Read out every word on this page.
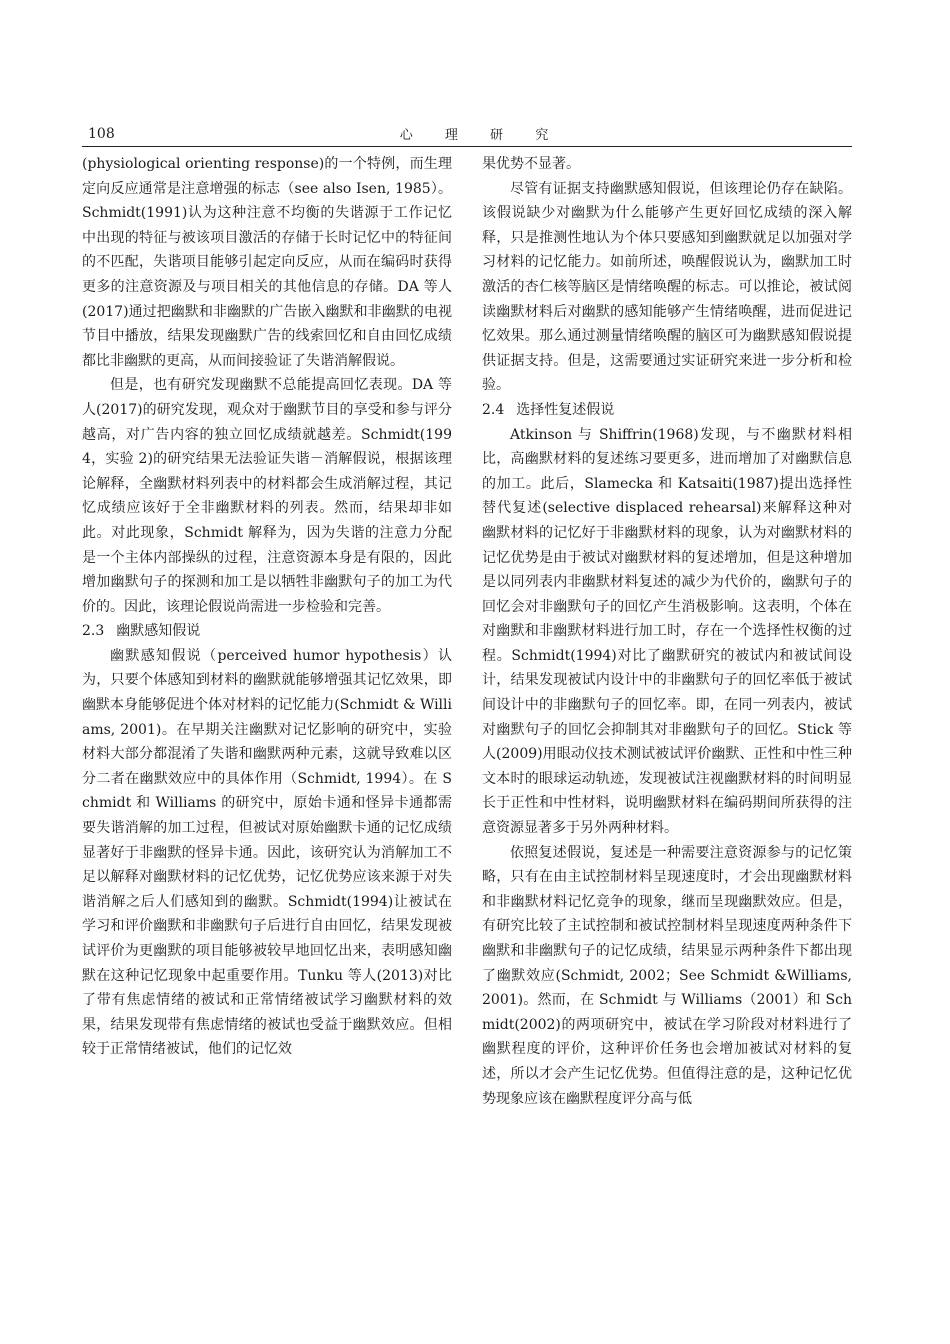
108	心 理 研 究

(physiological orienting response)的一个特例，而生理定向反应通常是注意增强的标志（see also Isen, 1985）。Schmidt(1991)认为这种注意不均衡的失谐源于工作记忆中出现的特征与被该项目激活的存储于长时记忆中的特征间的不匹配，失谐项目能够引起定向反应，从而在编码时获得更多的注意资源及与项目相关的其他信息的存储。DA 等人(2017)通过把幽默和非幽默的广告嵌入幽默和非幽默的电视节目中播放，结果发现幽默广告的线索回忆和自由回忆成绩都比非幽默的更高，从而间接验证了失谐消解假说。

但是，也有研究发现幽默不总能提高回忆表现。DA 等人(2017)的研究发现，观众对于幽默节目的享受和参与评分越高，对广告内容的独立回忆成绩就越差。Schmidt(1994，实验 2)的研究结果无法验证失谐－消解假说，根据该理论解释，全幽默材料列表中的材料都会生成消解过程，其记忆成绩应该好于全非幽默材料的列表。然而，结果却非如此。对此现象，Schmidt 解释为，因为失谐的注意力分配是一个主体内部操纵的过程，注意资源本身是有限的，因此增加幽默句子的探测和加工是以牺牲非幽默句子的加工为代价的。因此，该理论假说尚需进一步检验和完善。

2.3 幽默感知假说

幽默感知假说（perceived humor hypothesis）认为，只要个体感知到材料的幽默就能够增强其记忆效果，即幽默本身能够促进个体对材料的记忆能力(Schmidt & Williams, 2001)。在早期关注幽默对记忆影响的研究中，实验材料大部分都混淆了失谐和幽默两种元素，这就导致难以区分二者在幽默效应中的具体作用（Schmidt, 1994）。在 Schmidt 和 Williams 的研究中，原始卡通和怪异卡通都需要失谐消解的加工过程，但被试对原始幽默卡通的记忆成绩显著好于非幽默的怪异卡通。因此，该研究认为消解加工不足以解释对幽默材料的记忆优势，记忆优势应该来源于对失谐消解之后人们感知到的幽默。Schmidt(1994)让被试在学习和评价幽默和非幽默句子后进行自由回忆，结果发现被试评价为更幽默的项目能够被较早地回忆出来，表明感知幽默在这种记忆现象中起重要作用。Tunku 等人(2013)对比了带有焦虑情绪的被试和正常情绪被试学习幽默材料的效果，结果发现带有焦虑情绪的被试也受益于幽默效应。但相较于正常情绪被试，他们的记忆效

果优势不显著。

尽管有证据支持幽默感知假说，但该理论仍存在缺陷。该假说缺少对幽默为什么能够产生更好回忆成绩的深入解释，只是推测性地认为个体只要感知到幽默就足以加强对学习材料的记忆能力。如前所述，唤醒假说认为，幽默加工时激活的杏仁核等脑区是情绪唤醒的标志。可以推论，被试阅读幽默材料后对幽默的感知能够产生情绪唤醒，进而促进记忆效果。那么通过测量情绪唤醒的脑区可为幽默感知假说提供证据支持。但是，这需要通过实证研究来进一步分析和检验。

2.4 选择性复述假说

Atkinson 与 Shiffrin(1968)发现，与不幽默材料相比，高幽默材料的复述练习要更多，进而增加了对幽默信息的加工。此后，Slamecka 和 Katsaiti(1987)提出选择性替代复述(selective displaced rehearsal)来解释这种对幽默材料的记忆好于非幽默材料的现象，认为对幽默材料的记忆优势是由于被试对幽默材料的复述增加，但是这种增加是以同列表内非幽默材料复述的减少为代价的，幽默句子的回忆会对非幽默句子的回忆产生消极影响。这表明，个体在对幽默和非幽默材料进行加工时，存在一个选择性权衡的过程。Schmidt(1994)对比了幽默研究的被试内和被试间设计，结果发现被试内设计中的非幽默句子的回忆率低于被试间设计中的非幽默句子的回忆率。即，在同一列表内，被试对幽默句子的回忆会抑制其对非幽默句子的回忆。Stick 等人(2009)用眼动仪技术测试被试评价幽默、正性和中性三种文本时的眼球运动轨迹，发现被试注视幽默材料的时间明显长于正性和中性材料，说明幽默材料在编码期间所获得的注意资源显著多于另外两种材料。

依照复述假说，复述是一种需要注意资源参与的记忆策略，只有在由主试控制材料呈现速度时，才会出现幽默材料和非幽默材料记忆竞争的现象，继而呈现幽默效应。但是，有研究比较了主试控制和被试控制材料呈现速度两种条件下幽默和非幽默句子的记忆成绩，结果显示两种条件下都出现了幽默效应(Schmidt, 2002；See Schmidt &Williams, 2001)。然而，在 Schmidt 与 Williams（2001）和 Schmidt(2002)的两项研究中，被试在学习阶段对材料进行了幽默程度的评价，这种评价任务也会增加被试对材料的复述，所以才会产生记忆优势。但值得注意的是，这种记忆优势现象应该在幽默程度评分高与低
